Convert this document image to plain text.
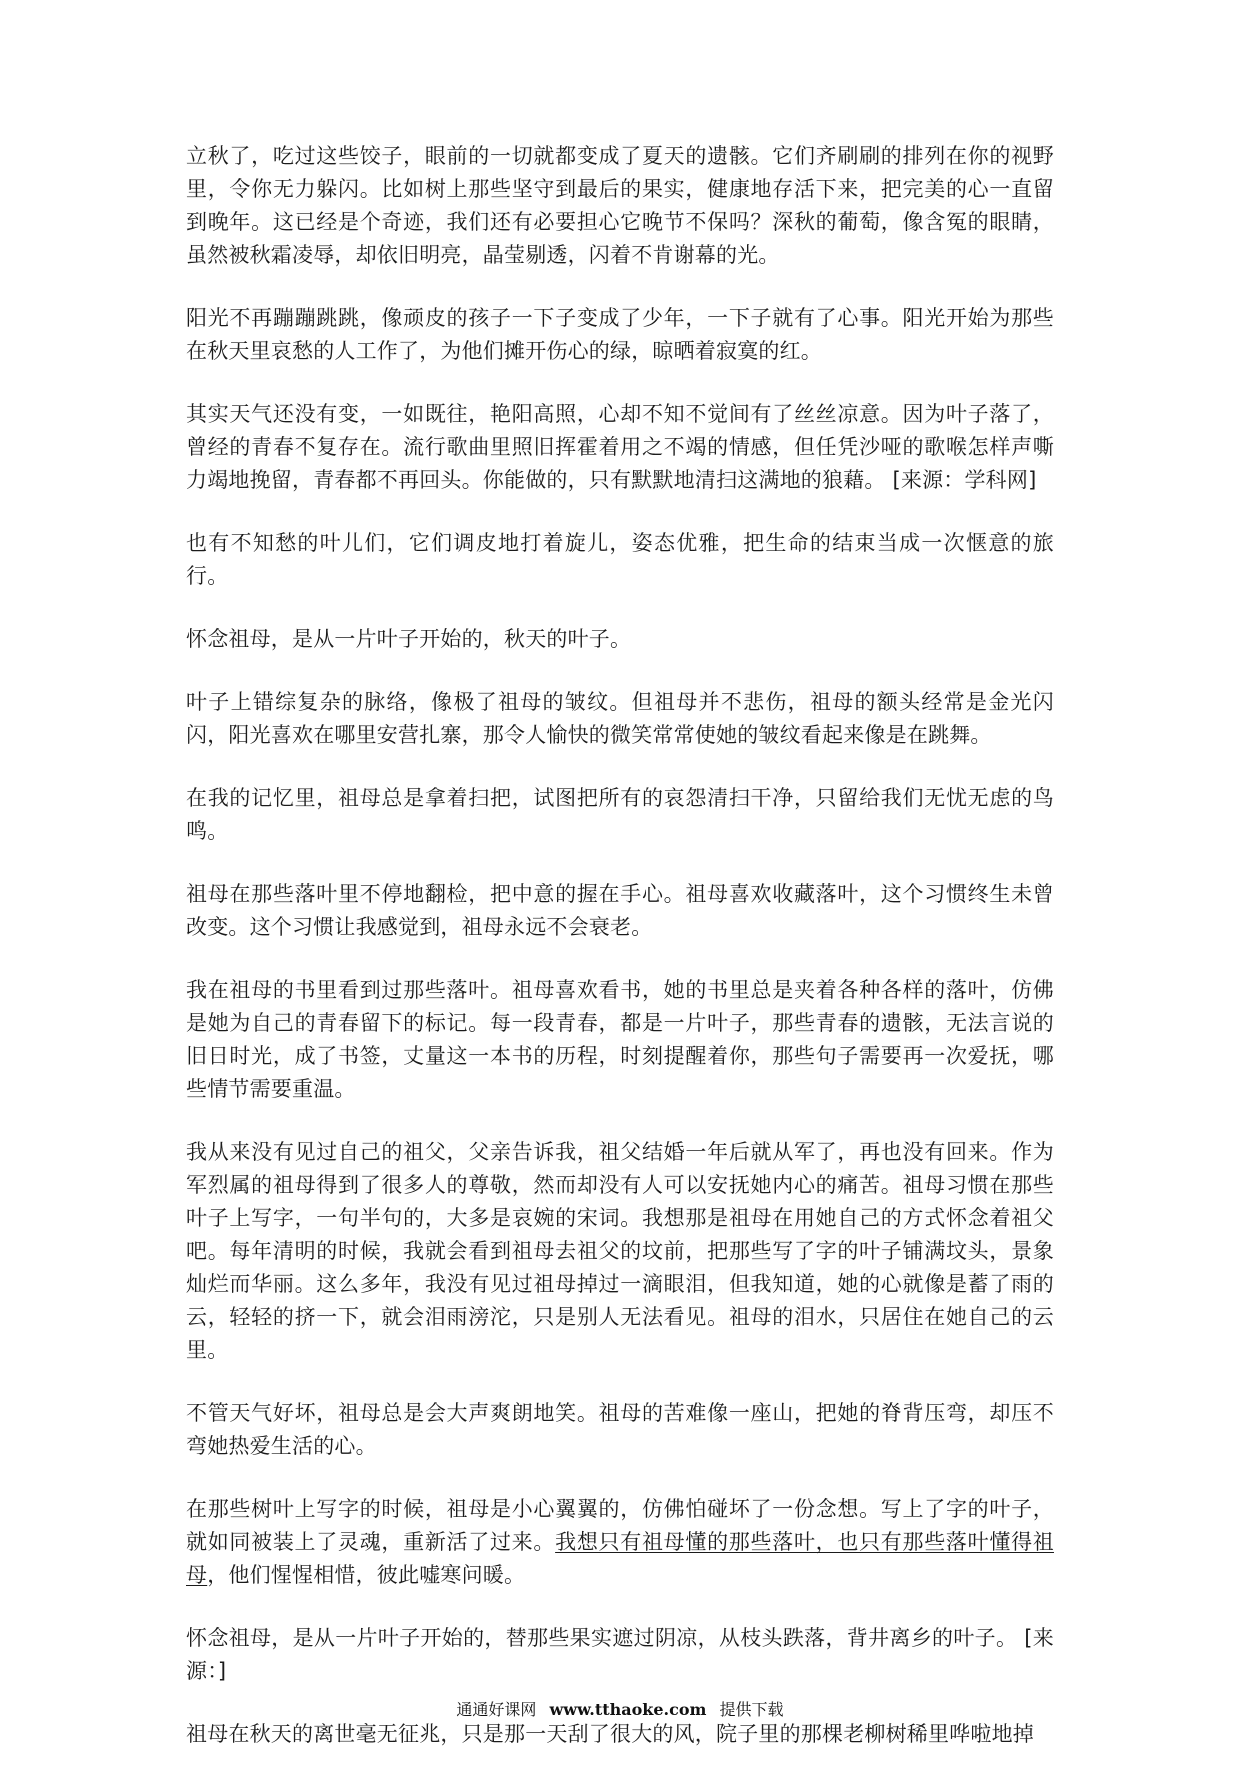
立秋了，吃过这些饺子，眼前的一切就都变成了夏天的遗骸。它们齐刷刷的排列在你的视野里，令你无力躲闪。比如树上那些坚守到最后的果实，健康地存活下来，把完美的心一直留到晚年。这已经是个奇迹，我们还有必要担心它晚节不保吗？深秋的葡萄，像含冤的眼睛，虽然被秋霜凌辱，却依旧明亮，晶莹剔透，闪着不肯谢幕的光。

阳光不再蹦蹦跳跳，像顽皮的孩子一下子变成了少年，一下子就有了心事。阳光开始为那些在秋天里哀愁的人工作了，为他们摊开伤心的绿，晾晒着寂寞的红。

其实天气还没有变，一如既往，艳阳高照，心却不知不觉间有了丝丝凉意。因为叶子落了，曾经的青春不复存在。流行歌曲里照旧挥霍着用之不竭的情感，但任凭沙哑的歌喉怎样声嘶力竭地挽留，青春都不再回头。你能做的，只有默默地清扫这满地的狼藉。 [来源：学科网]

也有不知愁的叶儿们，它们调皮地打着旋儿，姿态优雅，把生命的结束当成一次惬意的旅行。

怀念祖母，是从一片叶子开始的，秋天的叶子。

叶子上错综复杂的脉络，像极了祖母的皱纹。但祖母并不悲伤，祖母的额头经常是金光闪闪，阳光喜欢在哪里安营扎寨，那令人愉快的微笑常常使她的皱纹看起来像是在跳舞。

在我的记忆里，祖母总是拿着扫把，试图把所有的哀怨清扫干净，只留给我们无忧无虑的鸟鸣。

祖母在那些落叶里不停地翻检，把中意的握在手心。祖母喜欢收藏落叶，这个习惯终生未曾改变。这个习惯让我感觉到，祖母永远不会衰老。

我在祖母的书里看到过那些落叶。祖母喜欢看书，她的书里总是夹着各种各样的落叶，仿佛是她为自己的青春留下的标记。每一段青春，都是一片叶子，那些青春的遗骸，无法言说的旧日时光，成了书签，丈量这一本书的历程，时刻提醒着你，那些句子需要再一次爱抚，哪些情节需要重温。

我从来没有见过自己的祖父，父亲告诉我，祖父结婚一年后就从军了，再也没有回来。作为军烈属的祖母得到了很多人的尊敬，然而却没有人可以安抚她内心的痛苦。祖母习惯在那些叶子上写字，一句半句的，大多是哀婉的宋词。我想那是祖母在用她自己的方式怀念着祖父吧。每年清明的时候，我就会看到祖母去祖父的坟前，把那些写了字的叶子铺满坟头，景象灿烂而华丽。这么多年，我没有见过祖母掉过一滴眼泪，但我知道，她的心就像是蓄了雨的云，轻轻的挤一下，就会泪雨滂沱，只是别人无法看见。祖母的泪水，只居住在她自己的云里。

不管天气好坏，祖母总是会大声爽朗地笑。祖母的苦难像一座山，把她的脊背压弯，却压不弯她热爱生活的心。

在那些树叶上写字的时候，祖母是小心翼翼的，仿佛怕碰坏了一份念想。写上了字的叶子，就如同被装上了灵魂，重新活了过来。我想只有祖母懂的那些落叶，也只有那些落叶懂得祖母，他们惺惺相惜，彼此嘘寒问暖。

怀念祖母，是从一片叶子开始的，替那些果实遮过阴凉，从枝头跌落，背井离乡的叶子。 [来源：]

祖母在秋天的离世毫无征兆，只是那一天刮了很大的风，院子里的那棵老柳树稀里哗啦地掉

通通好课网 www.tthaoke.com 提供下载
